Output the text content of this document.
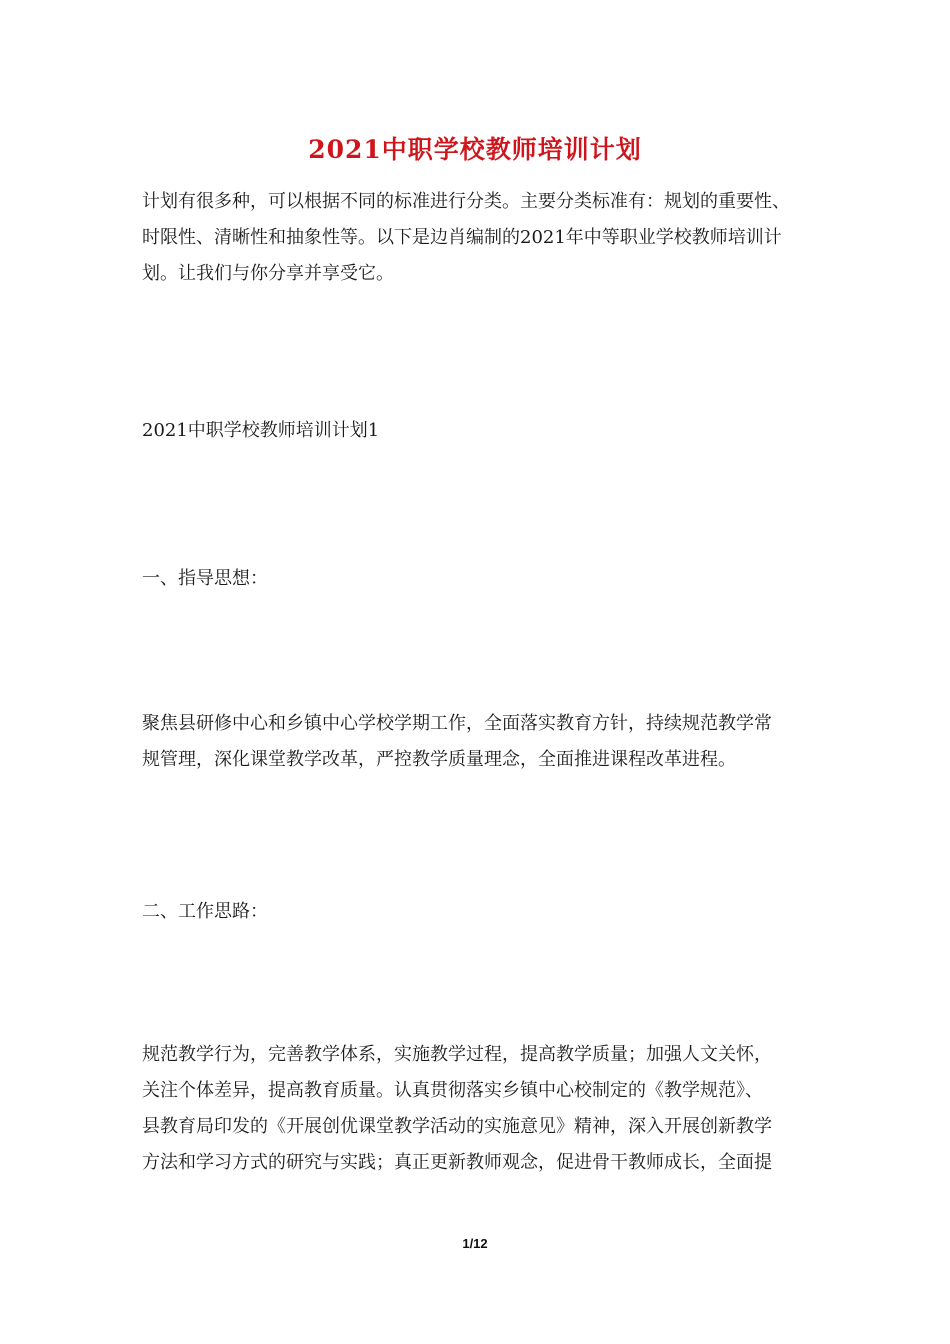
2021中职学校教师培训计划

计划有很多种，可以根据不同的标准进行分类。主要分类标准有：规划的重要性、
时限性、清晰性和抽象性等。以下是边肖编制的2021年中等职业学校教师培训计
划。让我们与你分享并享受它。

2021中职学校教师培训计划1

一、指导思想：

聚焦县研修中心和乡镇中心学校学期工作，全面落实教育方针，持续规范教学常
规管理，深化课堂教学改革，严控教学质量理念，全面推进课程改革进程。

二、工作思路：

规范教学行为，完善教学体系，实施教学过程，提高教学质量；加强人文关怀，
关注个体差异，提高教育质量。认真贯彻落实乡镇中心校制定的《教学规范》、
县教育局印发的《开展创优课堂教学活动的实施意见》精神，深入开展创新教学
方法和学习方式的研究与实践；真正更新教师观念，促进骨干教师成长，全面提

1/12
